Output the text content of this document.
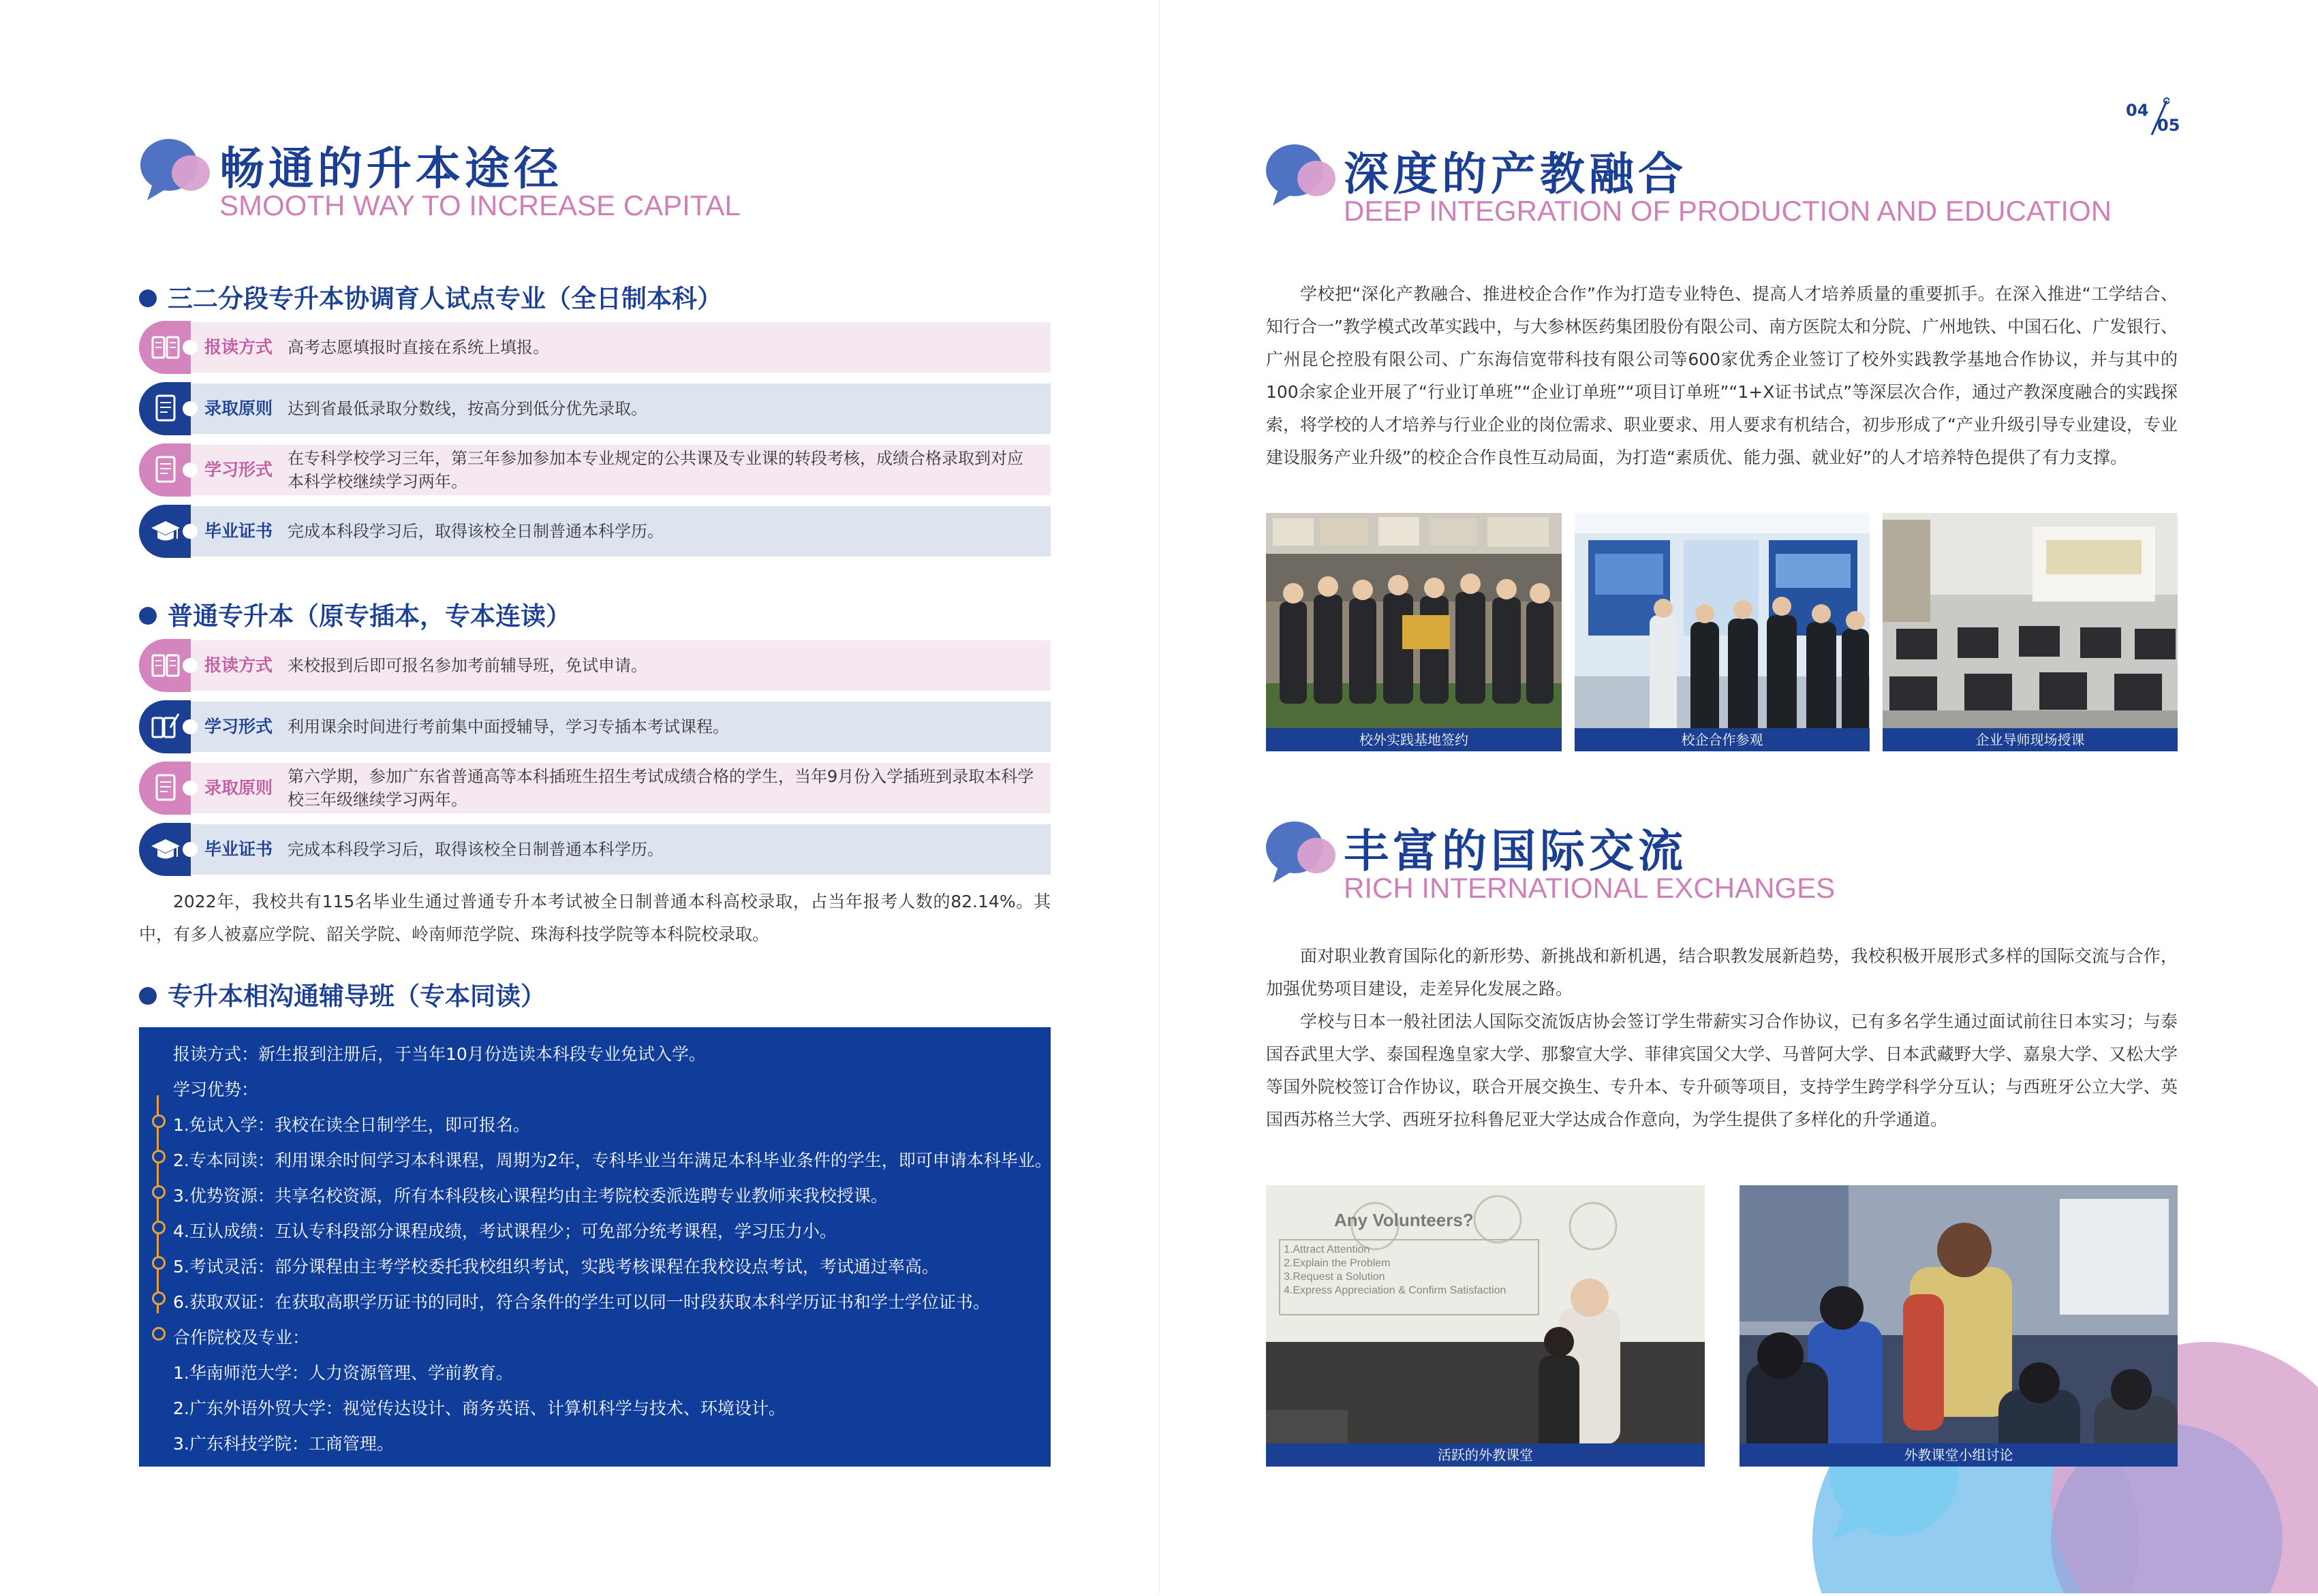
04
05
畅通的升本途径
SMOOTH WAY TO INCREASE CAPITAL
三二分段专升本协调育人试点专业（全日制本科）
报读方式 高考志愿填报时直接在系统上填报。
录取原则 达到省最低录取分数线，按高分到低分优先录取。
学习形式
在专科学校学习三年，第三年参加参加本专业规定的公共课及专业课的转段考核，成绩合格录取到对应本科学校继续学习两年。
毕业证书 完成本科段学习后，取得该校全日制普通本科学历。
普通专升本（原专插本，专本连读）
报读方式 来校报到后即可报名参加考前辅导班，免试申请。
学习形式 利用课余时间进行考前集中面授辅导，学习专插本考试课程。
录取原则
第六学期，参加广东省普通高等本科插班生招生考试成绩合格的学生，当年9月份入学插班到录取本科学校三年级继续学习两年。
毕业证书 完成本科段学习后，取得该校全日制普通本科学历。
2022年，我校共有115名毕业生通过普通专升本考试被全日制普通本科高校录取，占当年报考人数的82.14%。其中，有多人被嘉应学院、韶关学院、岭南师范学院、珠海科技学院等本科院校录取。
专升本相沟通辅导班（专本同读）
报读方式：新生报到注册后，于当年10月份选读本科段专业免试入学。
学习优势：
1.免试入学：我校在读全日制学生，即可报名。
2.专本同读：利用课余时间学习本科课程，周期为2年，专科毕业当年满足本科毕业条件的学生，即可申请本科毕业。
3.优势资源：共享名校资源，所有本科段核心课程均由主考院校委派选聘专业教师来我校授课。
4.互认成绩：互认专科段部分课程成绩，考试课程少；可免部分统考课程，学习压力小。
5.考试灵活：部分课程由主考学校委托我校组织考试，实践考核课程在我校设点考试，考试通过率高。
6.获取双证：在获取高职学历证书的同时，符合条件的学生可以同一时段获取本科学历证书和学士学位证书。
合作院校及专业：
1.华南师范大学：人力资源管理、学前教育。
2.广东外语外贸大学：视觉传达设计、商务英语、计算机科学与技术、环境设计。
3.广东科技学院：工商管理。
深度的产教融合
DEEP INTEGRATION OF PRODUCTION AND EDUCATION
学校把“深化产教融合、推进校企合作”作为打造专业特色、提高人才培养质量的重要抓手。在深入推进“工学结合、知行合一”教学模式改革实践中，与大参林医药集团股份有限公司、南方医院太和分院、广州地铁、中国石化、广发银行、广州昆仑控股有限公司、广东海信宽带科技有限公司等600家优秀企业签订了校外实践教学基地合作协议，并与其中的100余家企业开展了“行业订单班”“企业订单班”“项目订单班”“1+X证书试点”等深层次合作，通过产教深度融合的实践探索，将学校的人才培养与行业企业的岗位需求、职业要求、用人要求有机结合，初步形成了“产业升级引导专业建设，专业建设服务产业升级”的校企合作良性互动局面，为打造“素质优、能力强、就业好”的人才培养特色提供了有力支撑。
校外实践基地签约	校企合作参观	企业导师现场授课
丰富的国际交流
RICH INTERNATIONAL EXCHANGES
面对职业教育国际化的新形势、新挑战和新机遇，结合职教发展新趋势，我校积极开展形式多样的国际交流与合作，加强优势项目建设，走差异化发展之路。
学校与日本一般社团法人国际交流饭店协会签订学生带薪实习合作协议，已有多名学生通过面试前往日本实习；与泰国吞武里大学、泰国程逸皇家大学、那黎宣大学、菲律宾国父大学、马普阿大学、日本武藏野大学、嘉泉大学、又松大学等国外院校签订合作协议，联合开展交换生、专升本、专升硕等项目，支持学生跨学科学分互认；与西班牙公立大学、英国西苏格兰大学、西班牙拉科鲁尼亚大学达成合作意向，为学生提供了多样化的升学通道。
Any Volunteers?
1.Attract Attention
2.Explain the Problem
3.Request a Solution
4.Express Appreciation & Confirm Satisfaction
活跃的外教课堂	外教课堂小组讨论
